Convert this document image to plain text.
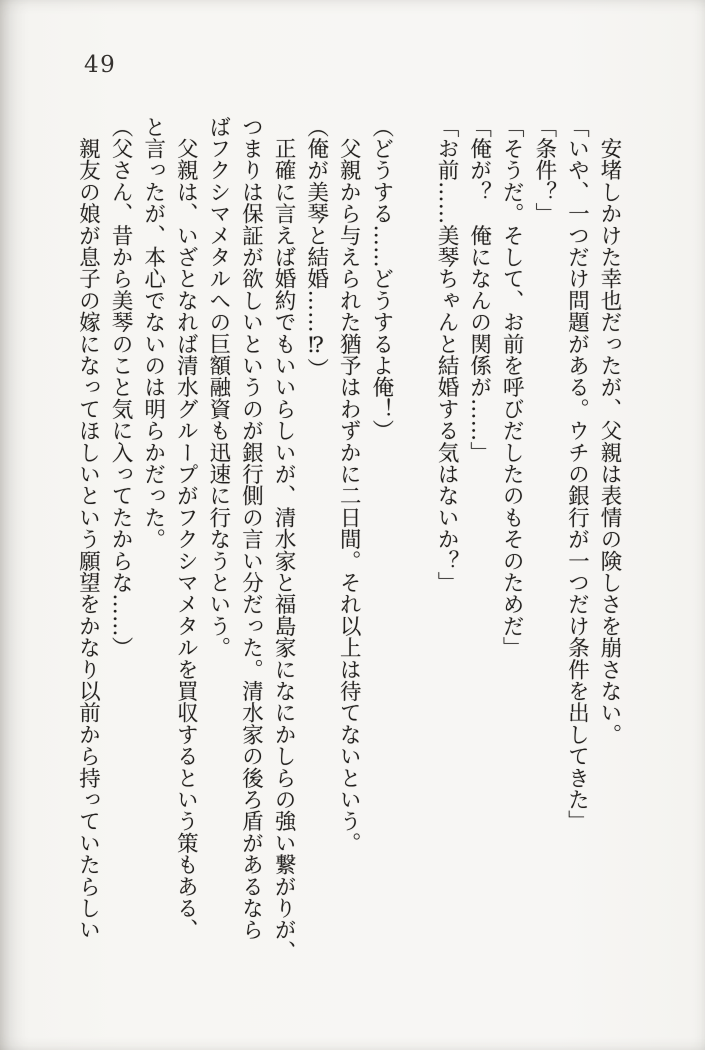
49

　安堵しかけた幸也だったが、父親は表情の険しさを崩さない。

「いや、一つだけ問題がある。ウチの銀行が一つだけ条件を出してきた」

「条件？」

「そうだ。そして、お前を呼びだしたのもそのためだ」

「俺が？　俺になんの関係が……」

「お前……美琴ちゃんと結婚する気はないか？」

（どうする……どうするよ俺！）

　父親から与えられた猶予はわずかに二日間。それ以上は待てないという。

（俺が美琴と結婚……⁉）

　正確に言えば婚約でもいいらしいが、清水家と福島家になにかしらの強い繋がりが、

つまりは保証が欲しいというのが銀行側の言い分だった。清水家の後ろ盾があるなら

ばフクシマメタルへの巨額融資も迅速に行なうという。

　父親は、いざとなれば清水グループがフクシマメタルを買収するという策もある、

と言ったが、本心でないのは明らかだった。

（父さん、昔から美琴のこと気に入ってたからな……）

　親友の娘が息子の嫁になってほしいという願望をかなり以前から持っていたらしい
